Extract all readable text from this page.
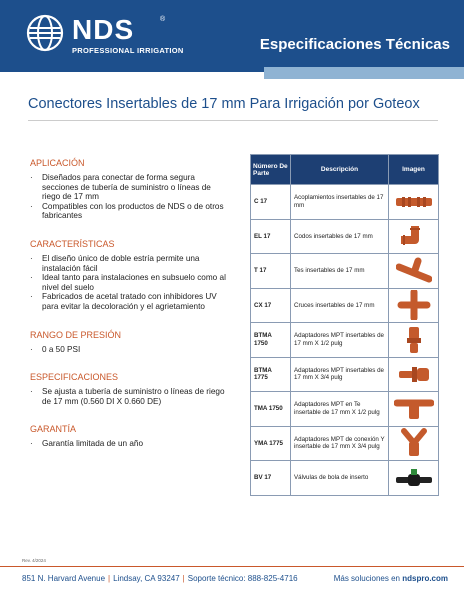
NDS	®
PROFESSIONAL IRRIGATION	Especificaciones Técnicas
Conectores Insertables de 17 mm Para Irrigación por Goteox
APLICACIÓN
· Diseñados para conectar de forma segura secciones de tubería de suministro o líneas de riego de 17 mm
· Compatibles con los productos de NDS o de otros fabricantes
CARACTERÍSTICAS
· El diseño único de doble estría permite una instalación fácil
· Ideal tanto para instalaciones en subsuelo como al nivel del suelo
· Fabricados de acetal tratado con inhibidores UV para evitar la decoloración y el agrietamiento
RANGO DE PRESIÓN
· 0 a 50 PSI
ESPECIFICACIONES
· Se ajusta a tubería de suministro o líneas de riego de 17 mm (0.560 DI X 0.660 DE)
GARANTÍA
· Garantía limitada de un año
Número De Parte	Descripción	Imagen
C 17	Acoplamientos insertables de 17 mm	

EL 17	Codos insertables de 17 mm	

T 17	Tes insertables de 17 mm	

CX 17	Cruces insertables de 17 mm	

BTMA 1750	Adaptadores MPT insertables de 17 mm X 1/2 pulg	

BTMA 1775	Adaptadores MPT insertables de 17 mm X 3/4 pulg	

TMA 1750	Adaptadores MPT en Te insertable de 17 mm X 1/2 pulg	

YMA 1775	Adaptadores MPT de conexión Y insertable de 17 mm X 3/4 pulg	

BV 17	Válvulas de bola de inserto	
Rev. 4/2024
851 N. Harvard Avenue | Lindsay, CA 93247 | Soporte técnico: 888-825-4716	Más soluciones en ndspro.com
